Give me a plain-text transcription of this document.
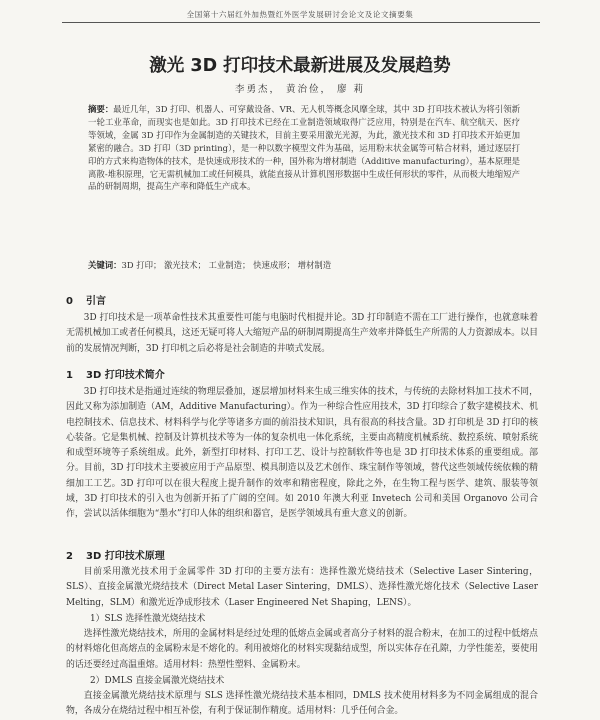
全国第十六届红外加热暨红外医学发展研讨会论文及论文摘要集
激光 3D 打印技术最新进展及发展趋势
李勇杰， 黄治俭， 廖 莉
摘要：最近几年，3D 打印、机器人、可穿戴设备、VR、无人机等概念风靡全球，其中 3D 打印技术被认为将引领新一轮工业革命，而现实也是如此。3D 打印技术已经在工业制造领域取得广泛应用，特别是在汽车、航空航天、医疗等领域，金属 3D 打印作为金属制造的关键技术，目前主要采用激光光源，为此，激光技术和 3D 打印技术开始更加紧密的融合。3D 打印（3D printing），是一种以数字模型文件为基础，运用粉末状金属等可粘合材料，通过逐层打印的方式来构造物体的技术，是快速成形技术的一种，国外称为增材制造（Additive manufacturing），基本原理是离散-堆积原理，它无需机械加工或任何模具，就能直接从计算机图形数据中生成任何形状的零件，从而极大地缩短产品的研制周期，提高生产率和降低生产成本。
关键词：3D 打印； 激光技术； 工业制造； 快速成形； 增材制造
0 引言
3D 打印技术是一项革命性技术其重要性可能与电脑时代相提并论。3D 打印制造不需在工厂进行操作，也就意味着无需机械加工或者任何模具，这还无疑可将人大缩短产品的研制周期提高生产效率并降低生产所需的人力资源成本。以目前的发展情况判断，3D 打印机之后必将是社会制造的井喷式发展。
1 3D 打印技术简介
3D 打印技术是指通过连续的物理层叠加，逐层增加材料来生成三维实体的技术，与传统的去除材料加工技术不同，因此又称为添加制造（AM，Additive Manufacturing）。作为一种综合性应用技术，3D 打印综合了数字建模技术、机电控制技术、信息技术、材料科学与化学等诸多方面的前沿技术知识，具有很高的科技含量。3D 打印机是 3D 打印的核心装备。它是集机械、控制及计算机技术等为一体的复杂机电一体化系统，主要由高精度机械系统、数控系统、喷射系统和成型环境等子系统组成。此外，新型打印材料、打印工艺、设计与控制软件等也是 3D 打印技术体系的重要组成。部分。目前，3D 打印技术主要被应用于产品原型、模具制造以及艺术创作、珠宝制作等领域，替代这些领域传统依赖的精细加工工艺。3D 打印可以在很大程度上提升制作的效率和精密程度，除此之外，在生物工程与医学、建筑、服装等领域，3D 打印技术的引入也为创新开拓了广阔的空间。如 2010 年澳大利亚 Invetech 公司和美国 Organovo 公司合作，尝试以活体细胞为“墨水”打印人体的组织和器官，是医学领域具有重大意义的创新。
2 3D 打印技术原理
目前采用激光技术用于金属零件 3D 打印的主要方法有：选择性激光烧结技术（Selective Laser Sintering，SLS）、直接金属激光烧结技术（Direct Metal Laser Sintering，DMLS）、选择性激光熔化技术（Selective Laser Melting，SLM）和激光近净成形技术（Laser Engineered Net Shaping，LENS）。
1）SLS 选择性激光烧结技术
选择性激光烧结技术，所用的金属材料是经过处理的低熔点金属或者高分子材料的混合粉末，在加工的过程中低熔点的材料熔化但高熔点的金属粉末是不熔化的。利用被熔化的材料实现黏结成型，所以实体存在孔隙，力学性能差，要使用的话还要经过高温重熔。适用材料：热塑性塑料、金属粉末。
2）DMLS 直接金属激光烧结技术
直接金属激光烧结技术原理与 SLS 选择性激光烧结技术基本相同，DMLS 技术使用材料多为不同金属组成的混合物，各成分在烧结过程中相互补偿，有利于保证制作精度。适用材料：几乎任何合金。
